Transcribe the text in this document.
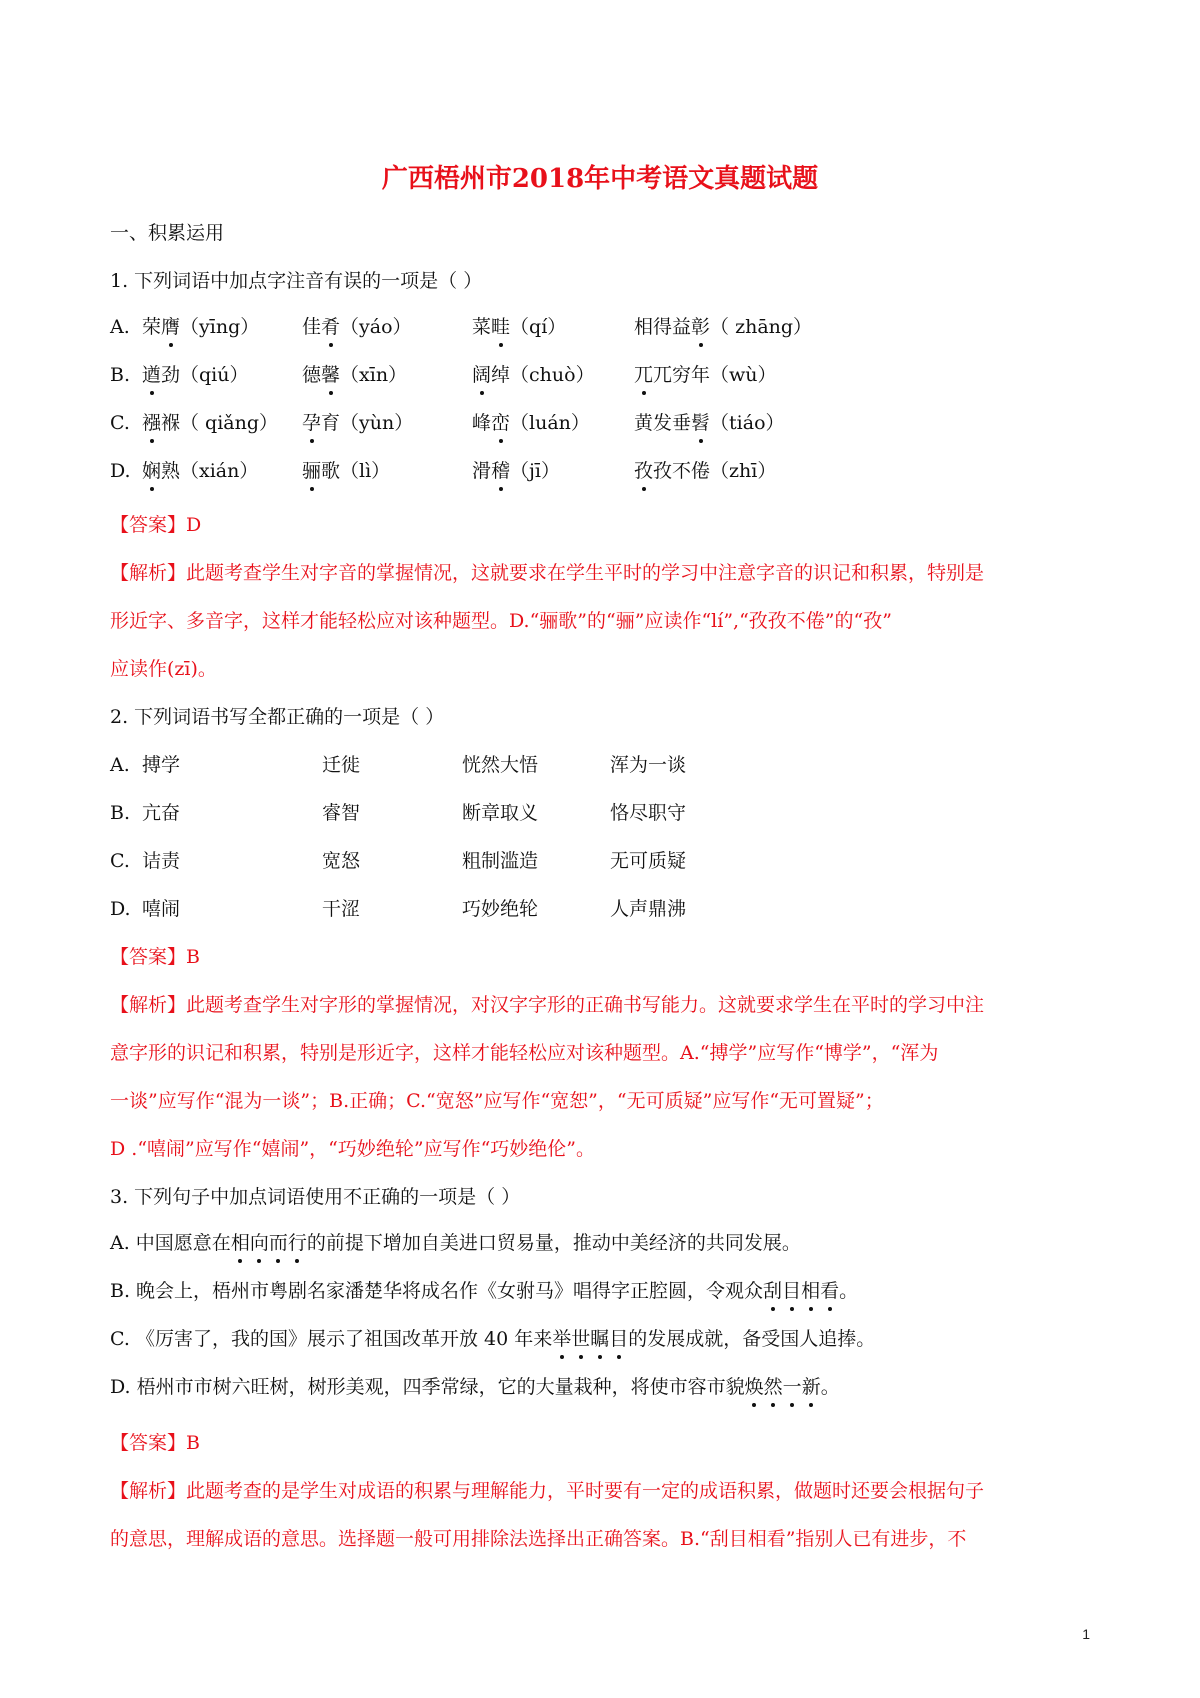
广西梧州市2018年中考语文真题试题
一、积累运用
1. 下列词语中加点字注音有误的一项是（ ）
A. 荣膺（yīng） 佳肴（yáo）	菜畦（qí）	相得益彰（ zhāng）
B. 遒劲（qiú）	德馨（xīn）	阔绰（chuò） 兀兀穷年（wù）
C. 襁褓（ qiǎng） 孕育（yùn）	峰峦（luán） 黄发垂髫（tiáo）
D. 娴熟（xián） 骊歌（lì）	滑稽（jī）	孜孜不倦（zhī）
【答案】D
【解析】此题考查学生对字音的掌握情况，这就要求在学生平时的学习中注意字音的识记和积累，特别是
形近字、多音字，这样才能轻松应对该种题型。D.“骊歌”的“骊”应读作“lí”,“孜孜不倦”的“孜”
应读作(zī)。
2. 下列词语书写全都正确的一项是（ ）
A. 搏学	迁徙	恍然大悟	浑为一谈
B. 亢奋	睿智	断章取义	恪尽职守
C. 诘责	宽怒	粗制滥造	无可质疑
D. 嘻闹	干涩	巧妙绝轮	人声鼎沸
【答案】B
【解析】此题考查学生对字形的掌握情况，对汉字字形的正确书写能力。这就要求学生在平时的学习中注
意字形的识记和积累，特别是形近字，这样才能轻松应对该种题型。A.“搏学”应写作“博学”，“浑为
一谈”应写作“混为一谈”；B.正确；C.“宽怒”应写作“宽恕”，“无可质疑”应写作“无可置疑”；
D .“嘻闹”应写作“嬉闹”，“巧妙绝轮”应写作“巧妙绝伦”。
3. 下列句子中加点词语使用不正确的一项是（ ）
A. 中国愿意在相向而行的前提下增加自美进口贸易量，推动中美经济的共同发展。
B. 晚会上，梧州市粤剧名家潘楚华将成名作《女驸马》唱得字正腔圆，令观众刮目相看。
C. 《厉害了，我的国》展示了祖国改革开放 40 年来举世瞩目的发展成就，备受国人追捧。
D. 梧州市市树六旺树，树形美观，四季常绿，它的大量栽种，将使市容市貌焕然一新。
【答案】B
【解析】此题考查的是学生对成语的积累与理解能力，平时要有一定的成语积累，做题时还要会根据句子
的意思，理解成语的意思。选择题一般可用排除法选择出正确答案。B.“刮目相看”指别人已有进步，不
1
